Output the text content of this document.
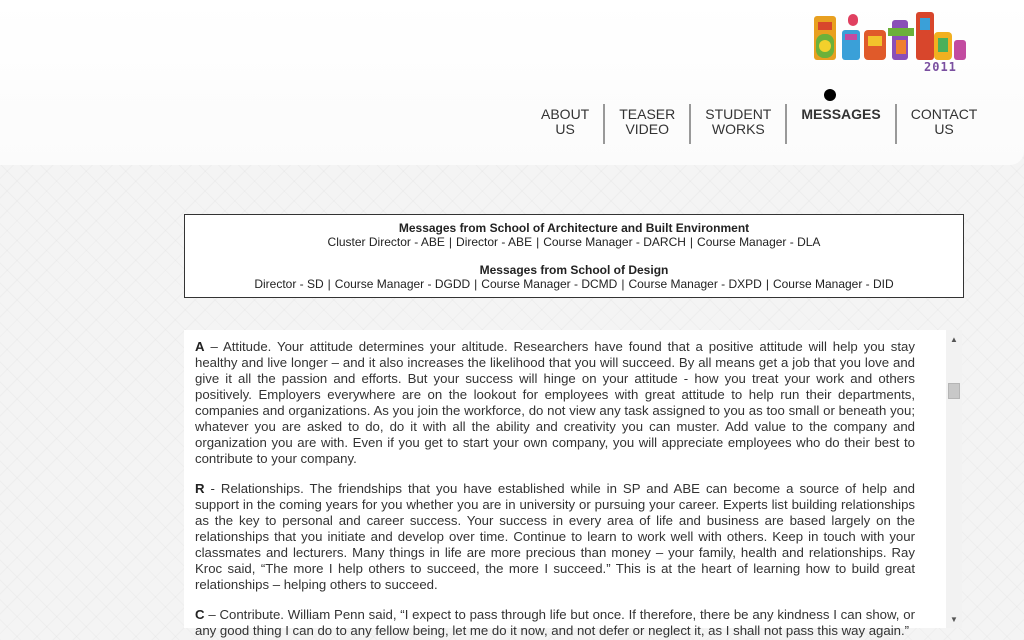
2011
ABOUT
US
TEASER
VIDEO
STUDENT
WORKS
MESSAGES CONTACT
US
Messages from School of Architecture and Built Environment
Cluster Director - ABE | Director - ABE | Course Manager - DARCH | Course Manager - DLA
Messages from School of Design
Director - SD | Course Manager - DGDD | Course Manager - DCMD | Course Manager - DXPD | Course Manager - DID

A – Attitude. Your attitude determines your altitude. Researchers have found that a positive attitude will help you stay healthy and live longer – and it also increases the likelihood that you will succeed. By all means get a job that you love and give it all the passion and efforts. But your success will hinge on your attitude - how you treat your work and others positively. Employers everywhere are on the lookout for employees with great attitude to help run their departments, companies and organizations. As you join the workforce, do not view any task assigned to you as too small or beneath you; whatever you are asked to do, do it with all the ability and creativity you can muster. Add value to the company and organization you are with. Even if you get to start your own company, you will appreciate employees who do their best to contribute to your company.

R - Relationships. The friendships that you have established while in SP and ABE can become a source of help and support in the coming years for you whether you are in university or pursuing your career. Experts list building relationships as the key to personal and career success. Your success in every area of life and business are based largely on the relationships that you initiate and develop over time. Continue to learn to work well with others. Keep in touch with your classmates and lecturers. Many things in life are more precious than money – your family, health and relationships. Ray Kroc said, “The more I help others to succeed, the more I succeed.” This is at the heart of learning how to build great relationships – helping others to succeed.

C – Contribute. William Penn said, “I expect to pass through life but once. If therefore, there be any kindness I can show, or any good thing I can do to any fellow being, let me do it now, and not defer or neglect it, as I shall not pass this way again.”

▲
▼
